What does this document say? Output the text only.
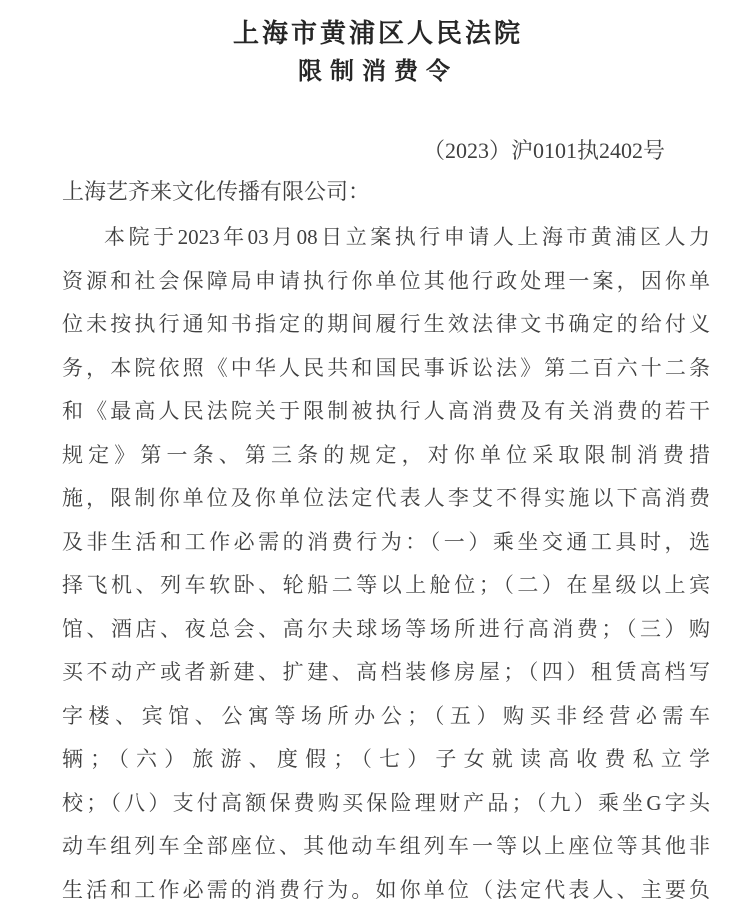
上海市黄浦区人民法院
限制消费令
（2023）沪0101执2402号
上海艺齐来文化传播有限公司：
本院于2023年03月08日立案执行申请人上海市黄浦区人力
资源和社会保障局申请执行你单位其他行政处理一案，因你单
位未按执行通知书指定的期间履行生效法律文书确定的给付义
务，本院依照《中华人民共和国民事诉讼法》第二百六十二条
和《最高人民法院关于限制被执行人高消费及有关消费的若干
规定》第一条、第三条的规定，对你单位采取限制消费措
施，限制你单位及你单位法定代表人李艾不得实施以下高消费
及非生活和工作必需的消费行为：（一）乘坐交通工具时，选
择飞机、列车软卧、轮船二等以上舱位；（二）在星级以上宾
馆、酒店、夜总会、高尔夫球场等场所进行高消费；（三）购
买不动产或者新建、扩建、高档装修房屋；（四）租赁高档写
字楼、宾馆、公寓等场所办公；（五）购买非经营必需车
辆；（六）旅游、度假；（七）子女就读高收费私立学
校；（八）支付高额保费购买保险理财产品；（九）乘坐G字头
动车组列车全部座位、其他动车组列车一等以上座位等其他非
生活和工作必需的消费行为。如你单位（法定代表人、主要负
